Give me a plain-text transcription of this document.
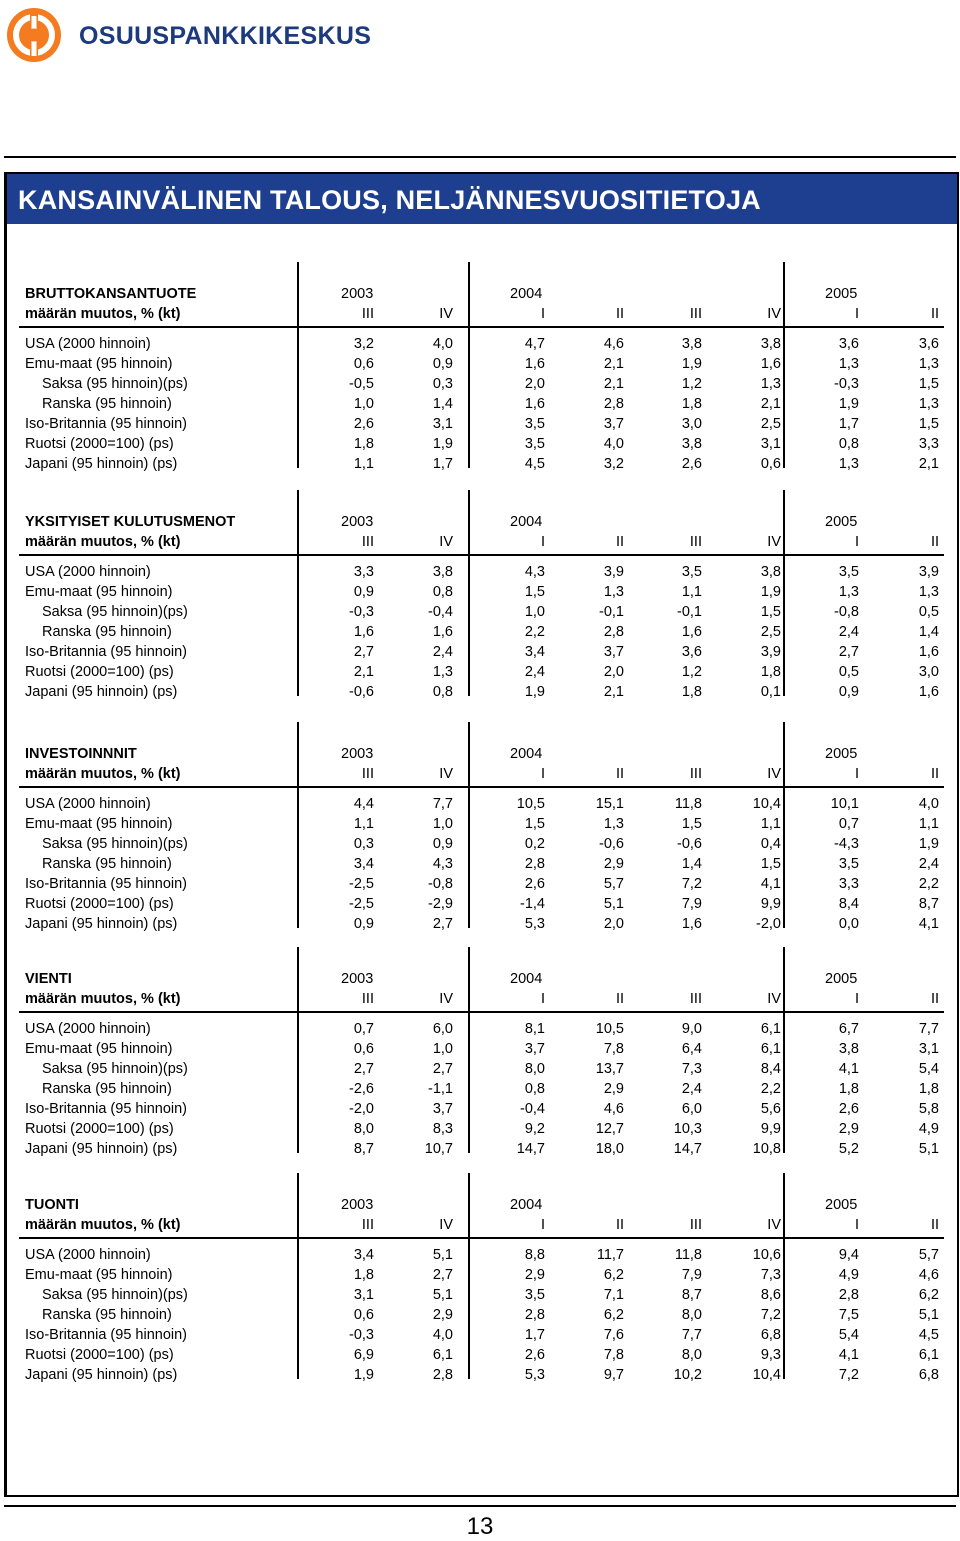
OSUUSPANKKIKESKUS
KANSAINVÄLINEN TALOUS, NELJÄNNESVUOSITIETOJA
BRUTTOKANSANTUOTE
määrän muutos, % (kt)
2003	2004	2005
III	IV	I	II	III	IV	I	II
USA (2000 hinnoin)	3,2	4,0	4,7	4,6	3,8	3,8	3,6	3,6
Emu-maat (95 hinnoin)	0,6	0,9	1,6	2,1	1,9	1,6	1,3	1,3
Saksa (95 hinnoin)(ps)	-0,5	0,3	2,0	2,1	1,2	1,3	-0,3	1,5
Ranska (95 hinnoin)	1,0	1,4	1,6	2,8	1,8	2,1	1,9	1,3
Iso-Britannia (95 hinnoin)	2,6	3,1	3,5	3,7	3,0	2,5	1,7	1,5
Ruotsi (2000=100) (ps)	1,8	1,9	3,5	4,0	3,8	3,1	0,8	3,3
Japani (95 hinnoin) (ps)	1,1	1,7	4,5	3,2	2,6	0,6	1,3	2,1
YKSITYISET KULUTUSMENOT
määrän muutos, % (kt)
2003	2004	2005
III	IV	I	II	III	IV	I	II
USA (2000 hinnoin)	3,3	3,8	4,3	3,9	3,5	3,8	3,5	3,9
Emu-maat (95 hinnoin)	0,9	0,8	1,5	1,3	1,1	1,9	1,3	1,3
Saksa (95 hinnoin)(ps)	-0,3	-0,4	1,0	-0,1	-0,1	1,5	-0,8	0,5
Ranska (95 hinnoin)	1,6	1,6	2,2	2,8	1,6	2,5	2,4	1,4
Iso-Britannia (95 hinnoin)	2,7	2,4	3,4	3,7	3,6	3,9	2,7	1,6
Ruotsi (2000=100) (ps)	2,1	1,3	2,4	2,0	1,2	1,8	0,5	3,0
Japani (95 hinnoin) (ps)	-0,6	0,8	1,9	2,1	1,8	0,1	0,9	1,6
INVESTOINNNIT
määrän muutos, % (kt)
2003	2004	2005
III	IV	I	II	III	IV	I	II
USA (2000 hinnoin)	4,4	7,7	10,5	15,1	11,8	10,4	10,1	4,0
Emu-maat (95 hinnoin)	1,1	1,0	1,5	1,3	1,5	1,1	0,7	1,1
Saksa (95 hinnoin)(ps)	0,3	0,9	0,2	-0,6	-0,6	0,4	-4,3	1,9
Ranska (95 hinnoin)	3,4	4,3	2,8	2,9	1,4	1,5	3,5	2,4
Iso-Britannia (95 hinnoin)	-2,5	-0,8	2,6	5,7	7,2	4,1	3,3	2,2
Ruotsi (2000=100) (ps)	-2,5	-2,9	-1,4	5,1	7,9	9,9	8,4	8,7
Japani (95 hinnoin) (ps)	0,9	2,7	5,3	2,0	1,6	-2,0	0,0	4,1
VIENTI
määrän muutos, % (kt)
2003	2004	2005
III	IV	I	II	III	IV	I	II
USA (2000 hinnoin)	0,7	6,0	8,1	10,5	9,0	6,1	6,7	7,7
Emu-maat (95 hinnoin)	0,6	1,0	3,7	7,8	6,4	6,1	3,8	3,1
Saksa (95 hinnoin)(ps)	2,7	2,7	8,0	13,7	7,3	8,4	4,1	5,4
Ranska (95 hinnoin)	-2,6	-1,1	0,8	2,9	2,4	2,2	1,8	1,8
Iso-Britannia (95 hinnoin)	-2,0	3,7	-0,4	4,6	6,0	5,6	2,6	5,8
Ruotsi (2000=100) (ps)	8,0	8,3	9,2	12,7	10,3	9,9	2,9	4,9
Japani (95 hinnoin) (ps)	8,7	10,7	14,7	18,0	14,7	10,8	5,2	5,1
TUONTI
määrän muutos, % (kt)
2003	2004	2005
III	IV	I	II	III	IV	I	II
USA (2000 hinnoin)	3,4	5,1	8,8	11,7	11,8	10,6	9,4	5,7
Emu-maat (95 hinnoin)	1,8	2,7	2,9	6,2	7,9	7,3	4,9	4,6
Saksa (95 hinnoin)(ps)	3,1	5,1	3,5	7,1	8,7	8,6	2,8	6,2
Ranska (95 hinnoin)	0,6	2,9	2,8	6,2	8,0	7,2	7,5	5,1
Iso-Britannia (95 hinnoin)	-0,3	4,0	1,7	7,6	7,7	6,8	5,4	4,5
Ruotsi (2000=100) (ps)	6,9	6,1	2,6	7,8	8,0	9,3	4,1	6,1
Japani (95 hinnoin) (ps)	1,9	2,8	5,3	9,7	10,2	10,4	7,2	6,8
13
